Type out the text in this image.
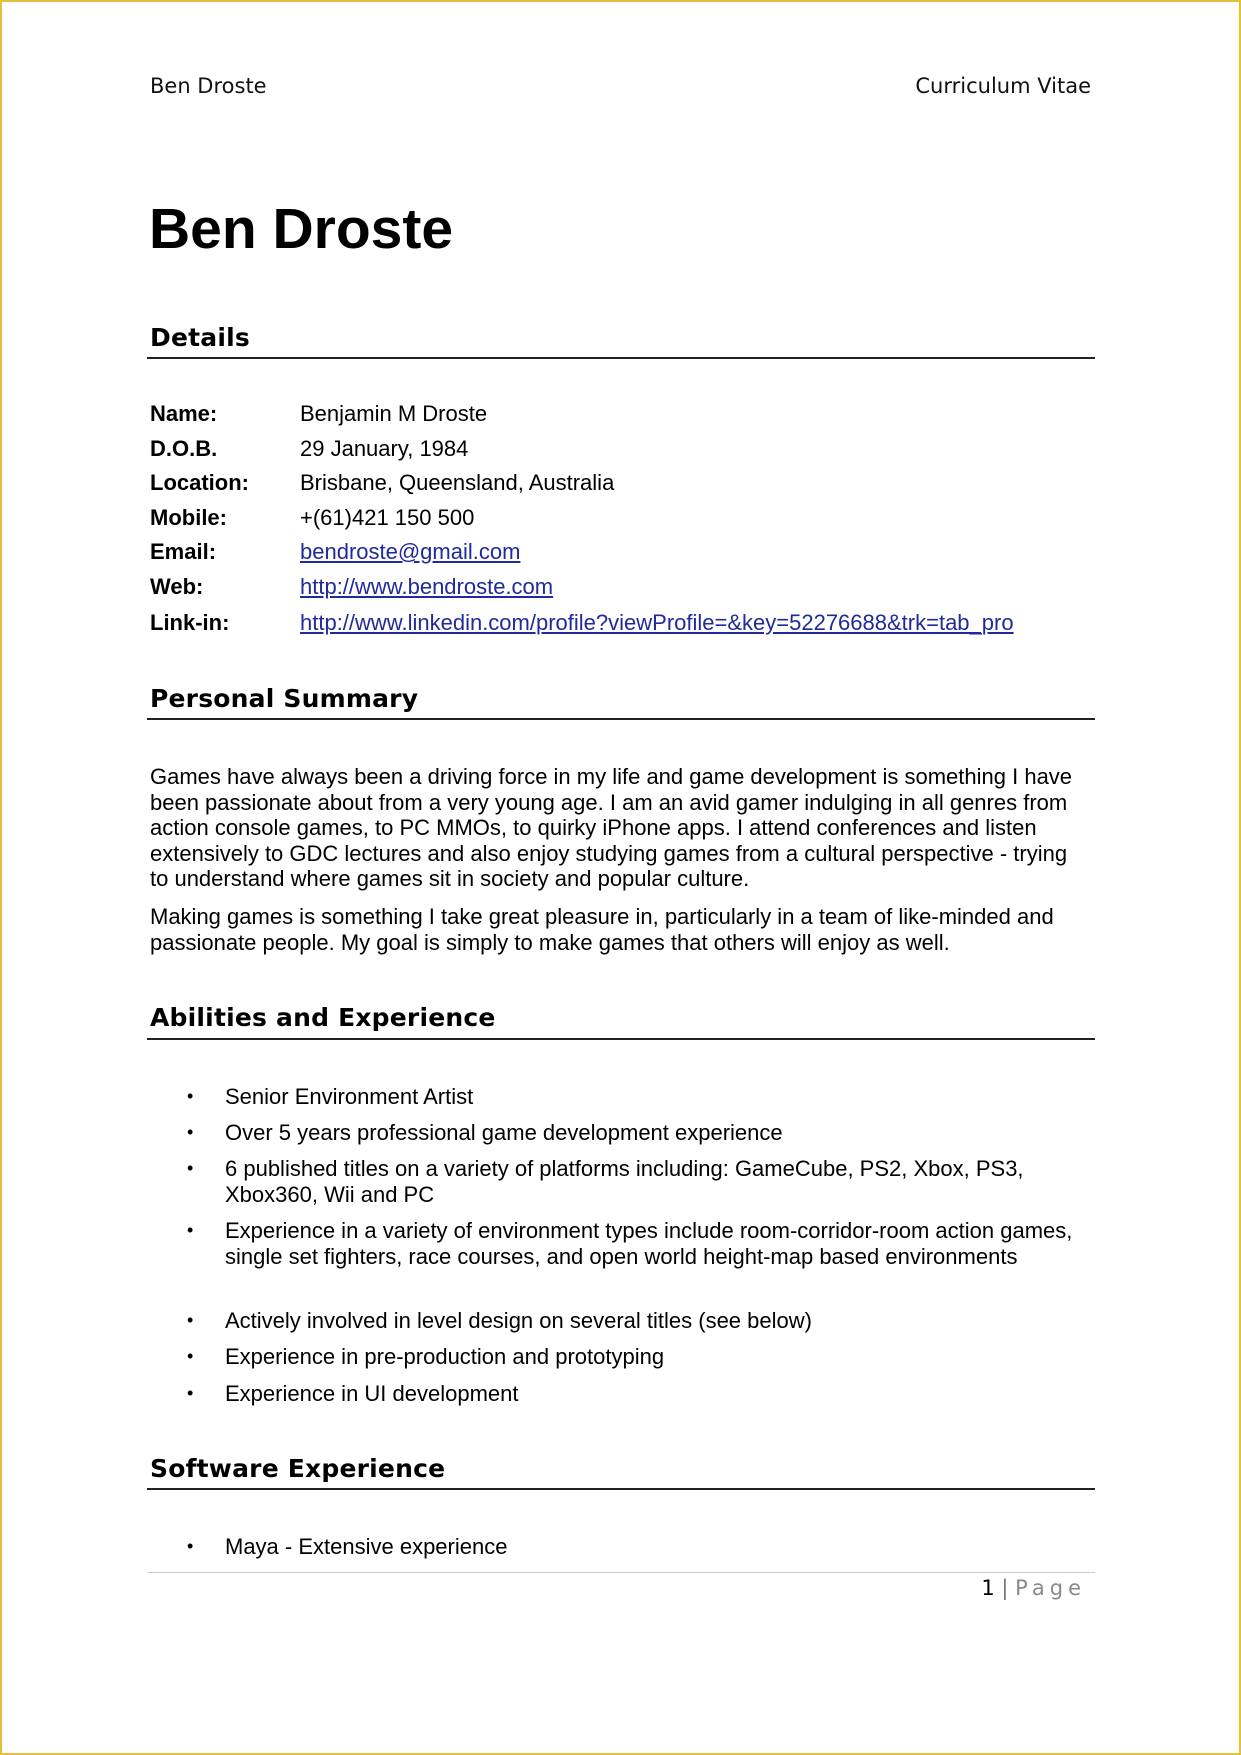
Ben Droste	Curriculum Vitae
Ben Droste
Details
Name:	Benjamin M Droste
D.O.B.	29 January, 1984
Location: Brisbane, Queensland, Australia
Mobile:	+(61)421 150 500
Email:	bendroste@gmail.com
Web:	http://www.bendroste.com
Link-in:	http://www.linkedin.com/profile?viewProfile=&key=52276688&trk=tab_pro
Personal Summary
Games have always been a driving force in my life and game development is something I have been passionate about from a very young age. I am an avid gamer indulging in all genres from action console games, to PC MMOs, to quirky iPhone apps. I attend conferences and listen extensively to GDC lectures and also enjoy studying games from a cultural perspective - trying to understand where games sit in society and popular culture.
Making games is something I take great pleasure in, particularly in a team of like-minded and passionate people. My goal is simply to make games that others will enjoy as well.
Abilities and Experience
• Senior Environment Artist
• Over 5 years professional game development experience
• 6 published titles on a variety of platforms including: GameCube, PS2, Xbox, PS3, Xbox360, Wii and PC
• Experience in a variety of environment types include room-corridor-room action games, single set fighters, race courses, and open world height-map based environments
• Actively involved in level design on several titles (see below)
• Experience in pre-production and prototyping
• Experience in UI development
Software Experience
• Maya - Extensive experience
1 | Page
